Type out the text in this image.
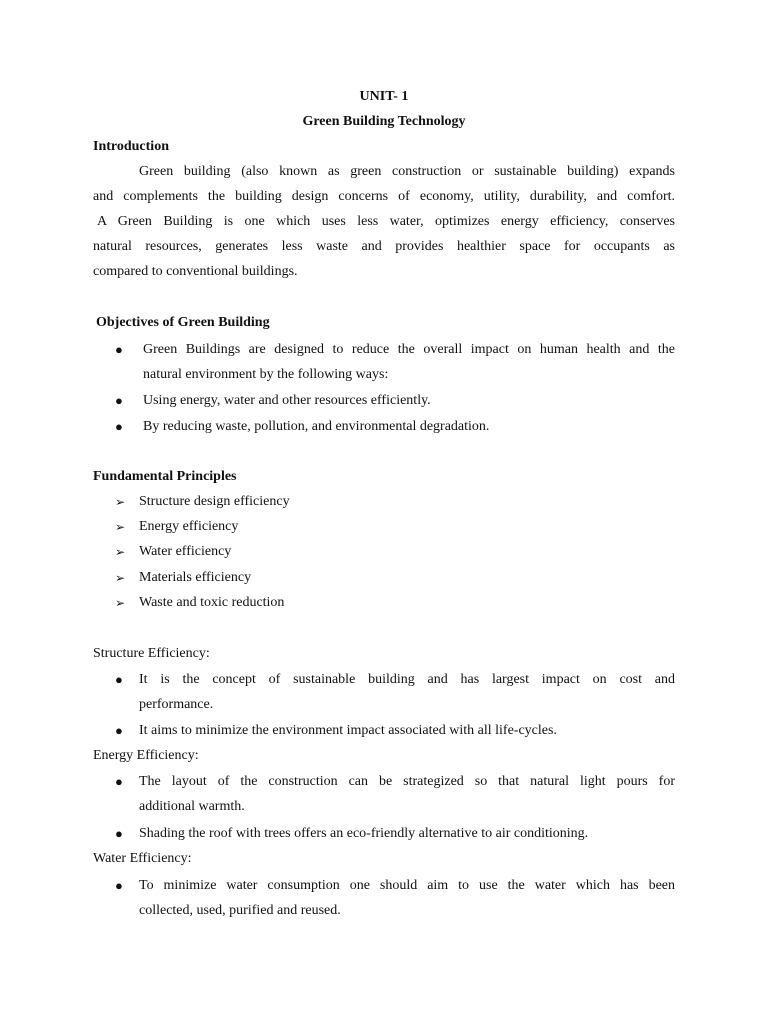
UNIT- 1

Green Building Technology

Introduction

Green building (also known as green construction or sustainable building) expands

and complements the building design concerns of economy, utility, durability, and comfort.

A Green Building is one which uses less water, optimizes energy efficiency, conserves

natural resources, generates less waste and provides healthier space for occupants as

compared to conventional buildings.

Objectives of Green Building

●	Green Buildings are designed to reduce the overall impact on human health and the

natural environment by the following ways:

●	Using energy, water and other resources efficiently.

●	By reducing waste, pollution, and environmental degradation.

Fundamental Principles

➢ Structure design efficiency

➢ Energy efficiency

➢ Water efficiency

➢ Materials efficiency

➢ Waste and toxic reduction

Structure Efficiency:

●	It is the concept of sustainable building and has largest impact on cost and

performance.

●	It aims to minimize the environment impact associated with all life-cycles.

Energy Efficiency:

●	The layout of the construction can be strategized so that natural light pours for

additional warmth.

●	Shading the roof with trees offers an eco-friendly alternative to air conditioning.

Water Efficiency:

●	To minimize water consumption one should aim to use the water which has been

collected, used, purified and reused.
